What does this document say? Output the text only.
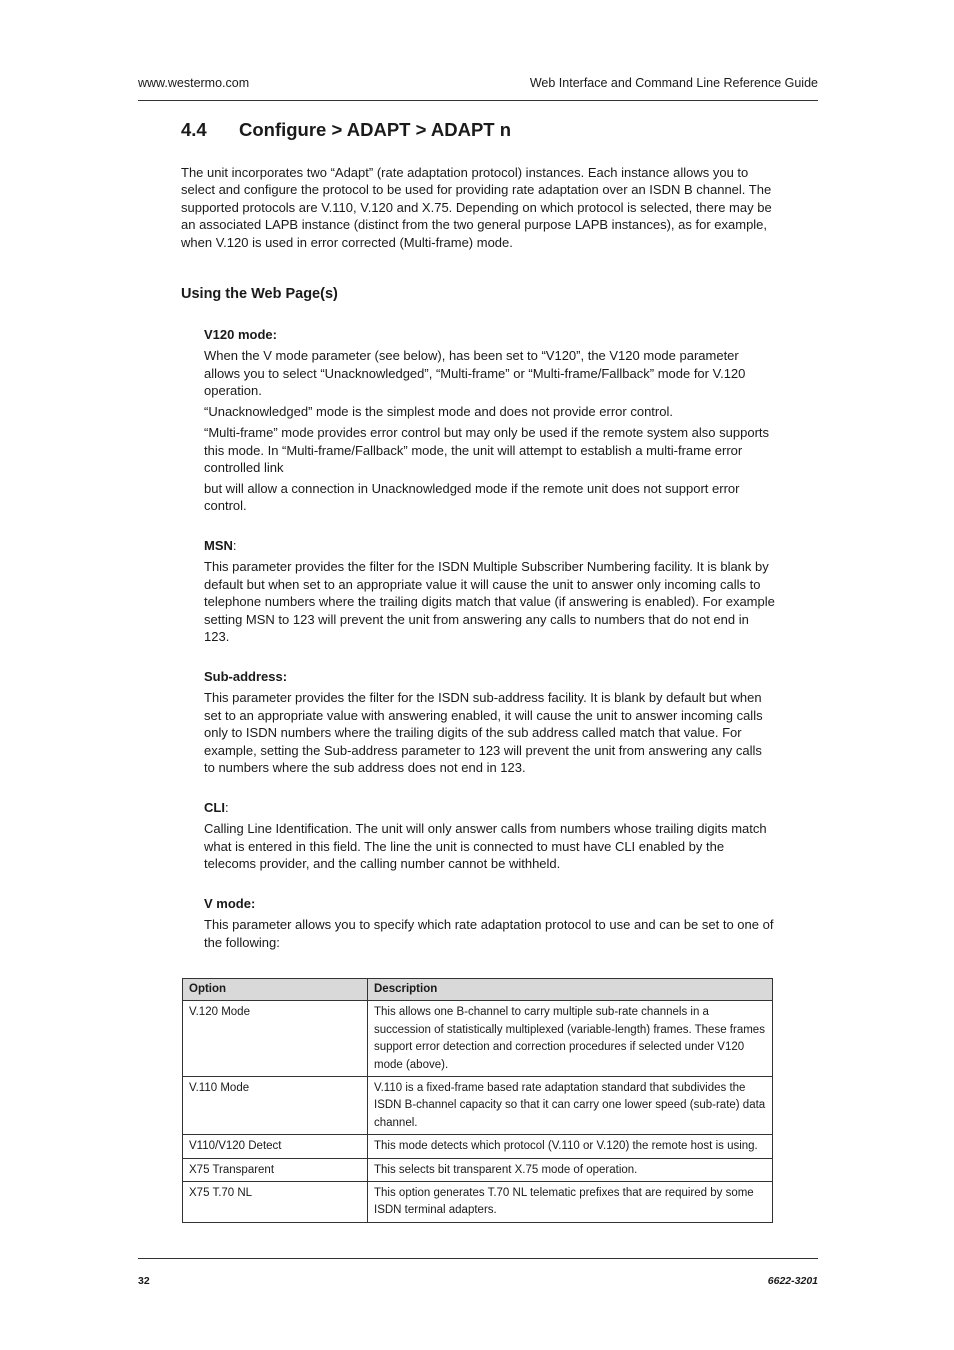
www.westermo.com	Web Interface and Command Line Reference Guide
4.4 Configure > ADAPT > ADAPT n

The unit incorporates two “Adapt” (rate adaptation protocol) instances. Each instance allows you to select and configure the protocol to be used for providing rate adaptation over an ISDN B channel. The supported protocols are V.110, V.120 and X.75. Depending on which protocol is selected, there may be an associated LAPB instance (distinct from the two general purpose LAPB instances), as for example, when V.120 is used in error corrected (Multi-frame) mode.

Using the Web Page(s)

V120 mode:

When the V mode parameter (see below), has been set to “V120”, the V120 mode parameter allows you to select “Unacknowledged”, “Multi-frame” or “Multi-frame/Fallback” mode for V.120 operation.

“Unacknowledged” mode is the simplest mode and does not provide error control.

“Multi-frame” mode provides error control but may only be used if the remote system also supports this mode. In “Multi-frame/Fallback” mode, the unit will attempt to establish a multi-frame error controlled link

but will allow a connection in Unacknowledged mode if the remote unit does not support error control.

MSN:

This parameter provides the filter for the ISDN Multiple Subscriber Numbering facility. It is blank by default but when set to an appropriate value it will cause the unit to answer only incoming calls to telephone numbers where the trailing digits match that value (if answering is enabled). For example setting MSN to 123 will prevent the unit from answering any calls to numbers that do not end in 123.

Sub-address:

This parameter provides the filter for the ISDN sub-address facility. It is blank by default but when set to an appropriate value with answering enabled, it will cause the unit to answer incoming calls only to ISDN numbers where the trailing digits of the sub address called match that value. For example, setting the Sub-address parameter to 123 will prevent the unit from answering any calls to numbers where the sub address does not end in 123.

CLI:

Calling Line Identification. The unit will only answer calls from numbers whose trailing digits match what is entered in this field. The line the unit is connected to must have CLI enabled by the telecoms provider, and the calling number cannot be withheld.

V mode:

This parameter allows you to specify which rate adaptation protocol to use and can be set to one of the following:

Option	Description
V.120 Mode	This allows one B-channel to carry multiple sub-rate channels in a succession of statistically multiplexed (variable-length) frames. These frames support error detection and correction procedures if selected under V120 mode (above).
V.110 Mode	V.110 is a fixed-frame based rate adaptation standard that subdivides the ISDN B-channel capacity so that it can carry one lower speed (sub-rate) data channel.
V110/V120 Detect	This mode detects which protocol (V.110 or V.120) the remote host is using.
X75 Transparent	This selects bit transparent X.75 mode of operation.
X75 T.70 NL	This option generates T.70 NL telematic prefixes that are required by some ISDN terminal adapters.
32	6622-3201
